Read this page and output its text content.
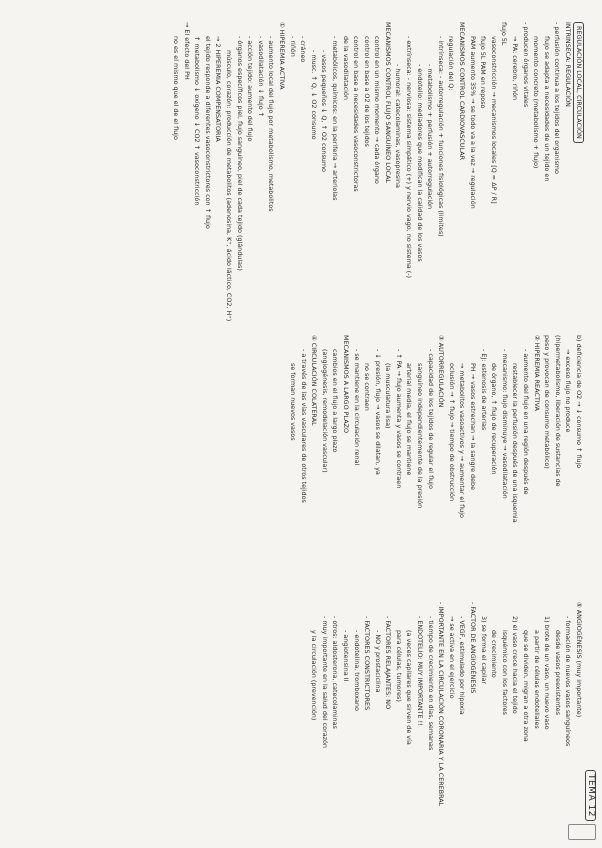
TEMA 12
REGULACIÓN LOCAL, CIRCULACIÓN
INTRINSECA: REGULACIÓN
- perfusión continua a los tejidos del organismo
flujo se adapta a necesidades de un tejido en
momento concreto (metabolismo + flujo)
- producen órganos vitales
→ PA: cerebro, riñón
flujo 5L
vasoconstricción → mecanismos locales [Q = ΔP / R]
flujo 5L PAM en reposo
PAM aumento 35% → se todo va a la vez → regulación
MECANISMOS CONTROL CARDIOVASCULAR
regulación del Q:
- intrínseca: - autorregulación + funciones fisiológicas (limites)
- metabolismo + perfusión + autorregulación
- endotelio: mediadores que modifican la calidad de los vasos
- extrínseca: - nerviosa: sistema simpático (+) y nervio vago, no sistema (-)
- humoral: catecolaminas, vasopresina
MECANISMOS CONTROL FLUJO SANGUÍNEO LOCAL
control en un mismo momento → cada órgano
control en base a O2 de los tejidos
control en base a necesidades vasoconstrictoras
de la vasodilatación
- metabólicos, químicos: en la periferia → arteriolas
- vasos pequeños ↓ Q, ↑ O2 consumo
- musc. ↑ Q, ↓ O2 consumo
- cráneo
- riñón
① HIPEREMIA ACTIVA
- aumento local del flujo por metabolismo, metabolitos
- vasodilatación ↓ flujo ↑
- acción tejido: aumento del flujo
- órganos específicos piel, flujo sanguíneo, piel de cada tejido (glándulas)
músculo, corazón: producción de metabolitos (adenosina, K⁺, ácido láctico, CO2, H⁺)
→ 2 HIPEREMIA COMPENSATORIA
el tejido responde a diferentes vasoconstrictores con ↑ flujo
↑ metabolismo ↓ oxígeno ↓ CO2 ↑ vasoconstricción
→ El efecto del PH
no es el mismo que el de el flujo
b) deficiencia de O2 → ↓ consumo ↑ flujo
→ exceso flujo no produce
(hipermetabolismo, liberación de sustancias de
peso y provocan de consumo metabólico)
② HIPEREMIA REACTIVA
- aumento del flujo en una región después de
restablecer la perfusión después de una isquemia
- mecanismo: flujo disminuye → vasodilatación
de órgano, ↑ flujo de recuperación
- EJ: estenosis de arterias
PH → vasos estrechan → la sangre debe
→ metabolitos vasoactivos y → aumentar el flujo
oclusión → ↑ flujo → tiempo de obstrucción
③ AUTORREGULACIÓN
- capacidad de los tejidos de regular el flujo
sanguíneo independientemente de la presión
arterial media, el flujo se mantiene
- ↑ PA → flujo aumenta y vasos se contraen
(la musculatura lisa)
- ↓ presión, flujo → vasos se dilatan, ya
no se contraen
- se mantiene en la circulación renal
MECANISMOS A LARGO PLAZO
cambios en el flujo a largo plazo
(angiogénesis, remodelación vascular)
④ CIRCULACIÓN COLATERAL
- a través de las vías vasculares de otros tejidos
se forman nuevos vasos
⑤ ANGIOGÉNESIS (muy importante)
- formación de nuevos vasos sanguíneos
desde vasos preexistentes
1) brote de un vaso, un nuevo vaso
a partir de células endoteliales
que se dividen, migran a otra zona
2) el vaso crece hacia el tejido
isquémico con los factores
de crecimiento
3) se forma el capilar
- FACTOR DE ANGIOGÉNESIS
- VEGF, estimulado por hipoxia
→ se activa en el ejercicio
- IMPORTANTE EN LA CIRCULACIÓN CORONARIA Y LA CEREBRAL
- tiempo de crecimiento en días, semanas
- ENDOTELIO: MUY IMPORTANTE !!
(a veces capilares que sirven de vía
para células, tumores)
- FACTORES RELAJANTES: NO
- NO y prostaciclina
- FACTORES CONSTRICTORES
- endotelina, tromboxano
- angiotensina II
- otros: aldosterona, catecolaminas
- muy importante en la salud del corazón
y la circulación (prevención)
